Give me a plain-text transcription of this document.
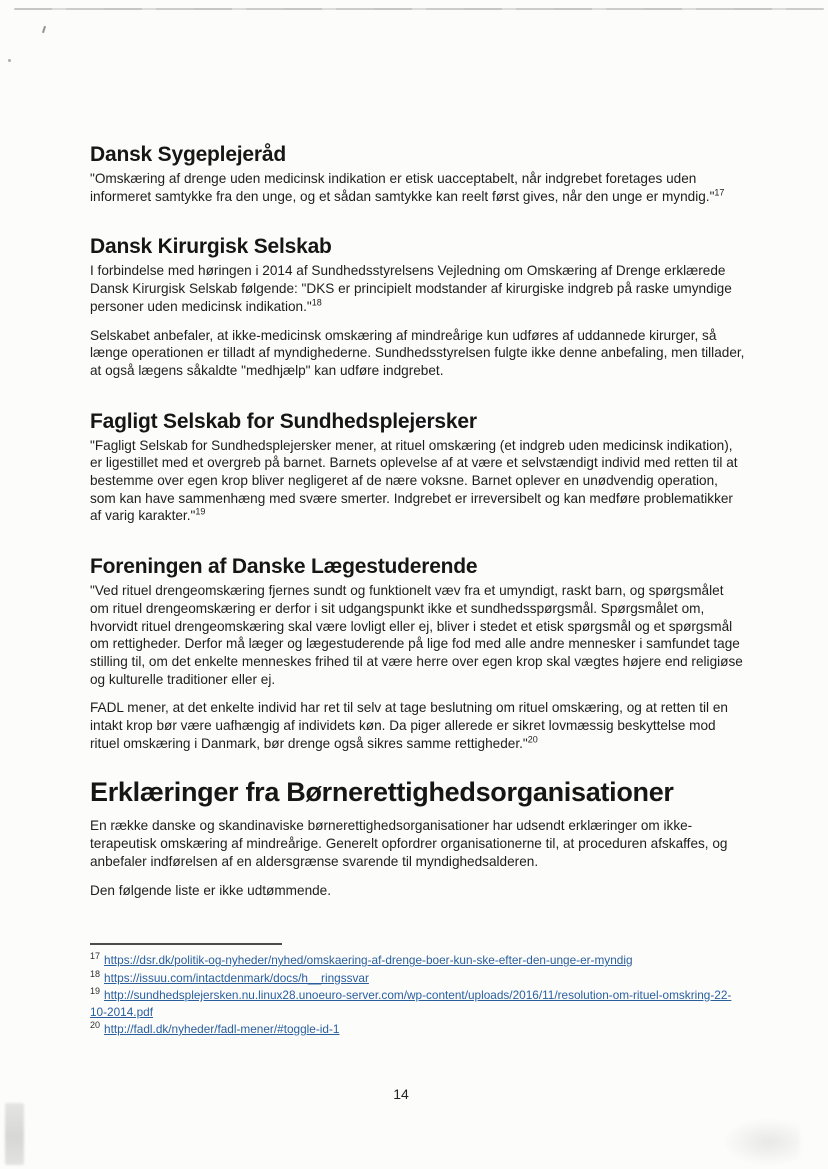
Dansk Sygeplejeråd

"Omskæring af drenge uden medicinsk indikation er etisk uacceptabelt, når indgrebet foretages uden informeret samtykke fra den unge, og et sådan samtykke kan reelt først gives, når den unge er myndig."$^{17}$

Dansk Kirurgisk Selskab

I forbindelse med høringen i 2014 af Sundhedsstyrelsens Vejledning om Omskæring af Drenge erklærede Dansk Kirurgisk Selskab følgende: "DKS er principielt modstander af kirurgiske indgreb på raske umyndige personer uden medicinsk indikation."$^{18}$

Selskabet anbefaler, at ikke-medicinsk omskæring af mindreårige kun udføres af uddannede kirurger, så længe operationen er tilladt af myndighederne. Sundhedsstyrelsen fulgte ikke denne anbefaling, men tillader, at også lægens såkaldte "medhjælp" kan udføre indgrebet.

Fagligt Selskab for Sundhedsplejersker

"Fagligt Selskab for Sundhedsplejersker mener, at rituel omskæring (et indgreb uden medicinsk indikation), er ligestillet med et overgreb på barnet. Barnets oplevelse af at være et selvstændigt individ med retten til at bestemme over egen krop bliver negligeret af de nære voksne. Barnet oplever en unødvendig operation, som kan have sammenhæng med svære smerter. Indgrebet er irreversibelt og kan medføre problematikker af varig karakter."$^{19}$

Foreningen af Danske Lægestuderende

"Ved rituel drengeomskæring fjernes sundt og funktionelt væv fra et umyndigt, raskt barn, og spørgsmålet om rituel drengeomskæring er derfor i sit udgangspunkt ikke et sundhedsspørgsmål. Spørgsmålet om, hvorvidt rituel drengeomskæring skal være lovligt eller ej, bliver i stedet et etisk spørgsmål og et spørgsmål om rettigheder. Derfor må læger og lægestuderende på lige fod med alle andre mennesker i samfundet tage stilling til, om det enkelte menneskes frihed til at være herre over egen krop skal vægtes højere end religiøse og kulturelle traditioner eller ej.

FADL mener, at det enkelte individ har ret til selv at tage beslutning om rituel omskæring, og at retten til en intakt krop bør være uafhængig af individets køn. Da piger allerede er sikret lovmæssig beskyttelse mod rituel omskæring i Danmark, bør drenge også sikres samme rettigheder."$^{20}$

Erklæringer fra Børnerettighedsorganisationer

En række danske og skandinaviske børnerettighedsorganisationer har udsendt erklæringer om ikke-terapeutisk omskæring af mindreårige. Generelt opfordrer organisationerne til, at proceduren afskaffes, og anbefaler indførelsen af en aldersgrænse svarende til myndighedsalderen.

Den følgende liste er ikke udtømmende.

$^{17}$ https://dsr.dk/politik-og-nyheder/nyhed/omskaering-af-drenge-boer-kun-ske-efter-den-unge-er-myndig

$^{18}$ https://issuu.com/intactdenmark/docs/h__ringssvar

$^{19}$ http://sundhedsplejersken.nu.linux28.unoeuro-server.com/wp-content/uploads/2016/11/resolution-om-rituel-omskring-22-10-2014.pdf

$^{20}$ http://fadl.dk/nyheder/fadl-mener/#toggle-id-1

14
